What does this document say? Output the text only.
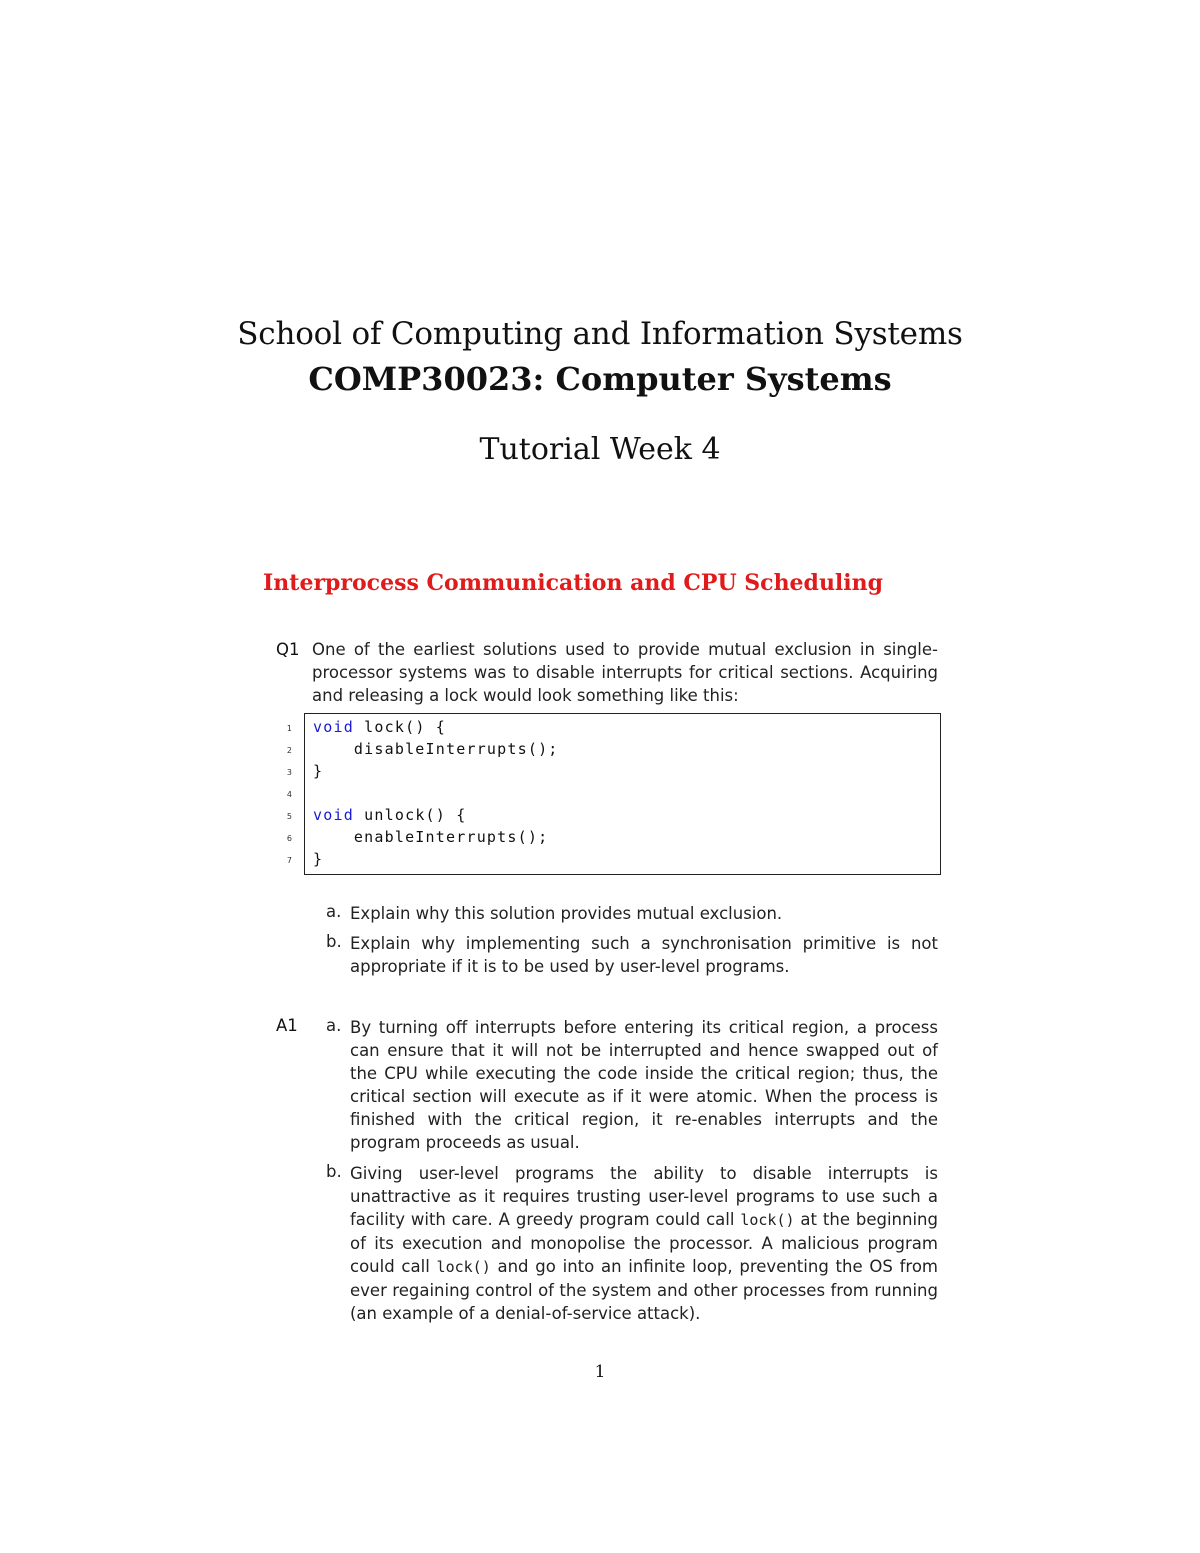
School of Computing and Information Systems
COMP30023: Computer Systems
Tutorial Week 4
Interprocess Communication and CPU Scheduling
Q1 One of the earliest solutions used to provide mutual exclusion in single-processor systems was to disable interrupts for critical sections. Acquiring and releasing a lock would look something like this:
1
2
3
4
5
6
7
void lock() {
disableInterrupts();
}
void unlock() {
enableInterrupts();
}
a. Explain why this solution provides mutual exclusion.
b. Explain why implementing such a synchronisation primitive is not appropriate if it is to be used by user-level programs.
A1 a. By turning off interrupts before entering its critical region, a process can ensure that it will not be interrupted and hence swapped out of the CPU while executing the code inside the critical region; thus, the critical section will execute as if it were atomic. When the process is finished with the critical region, it re-enables interrupts and the program proceeds as usual.
b. Giving user-level programs the ability to disable interrupts is unattractive as it requires trusting user-level programs to use such a facility with care. A greedy program could call lock() at the beginning of its execution and monopolise the processor. A malicious program could call lock() and go into an infinite loop, preventing the OS from ever regaining control of the system and other processes from running (an example of a denial-of-service attack).
1
